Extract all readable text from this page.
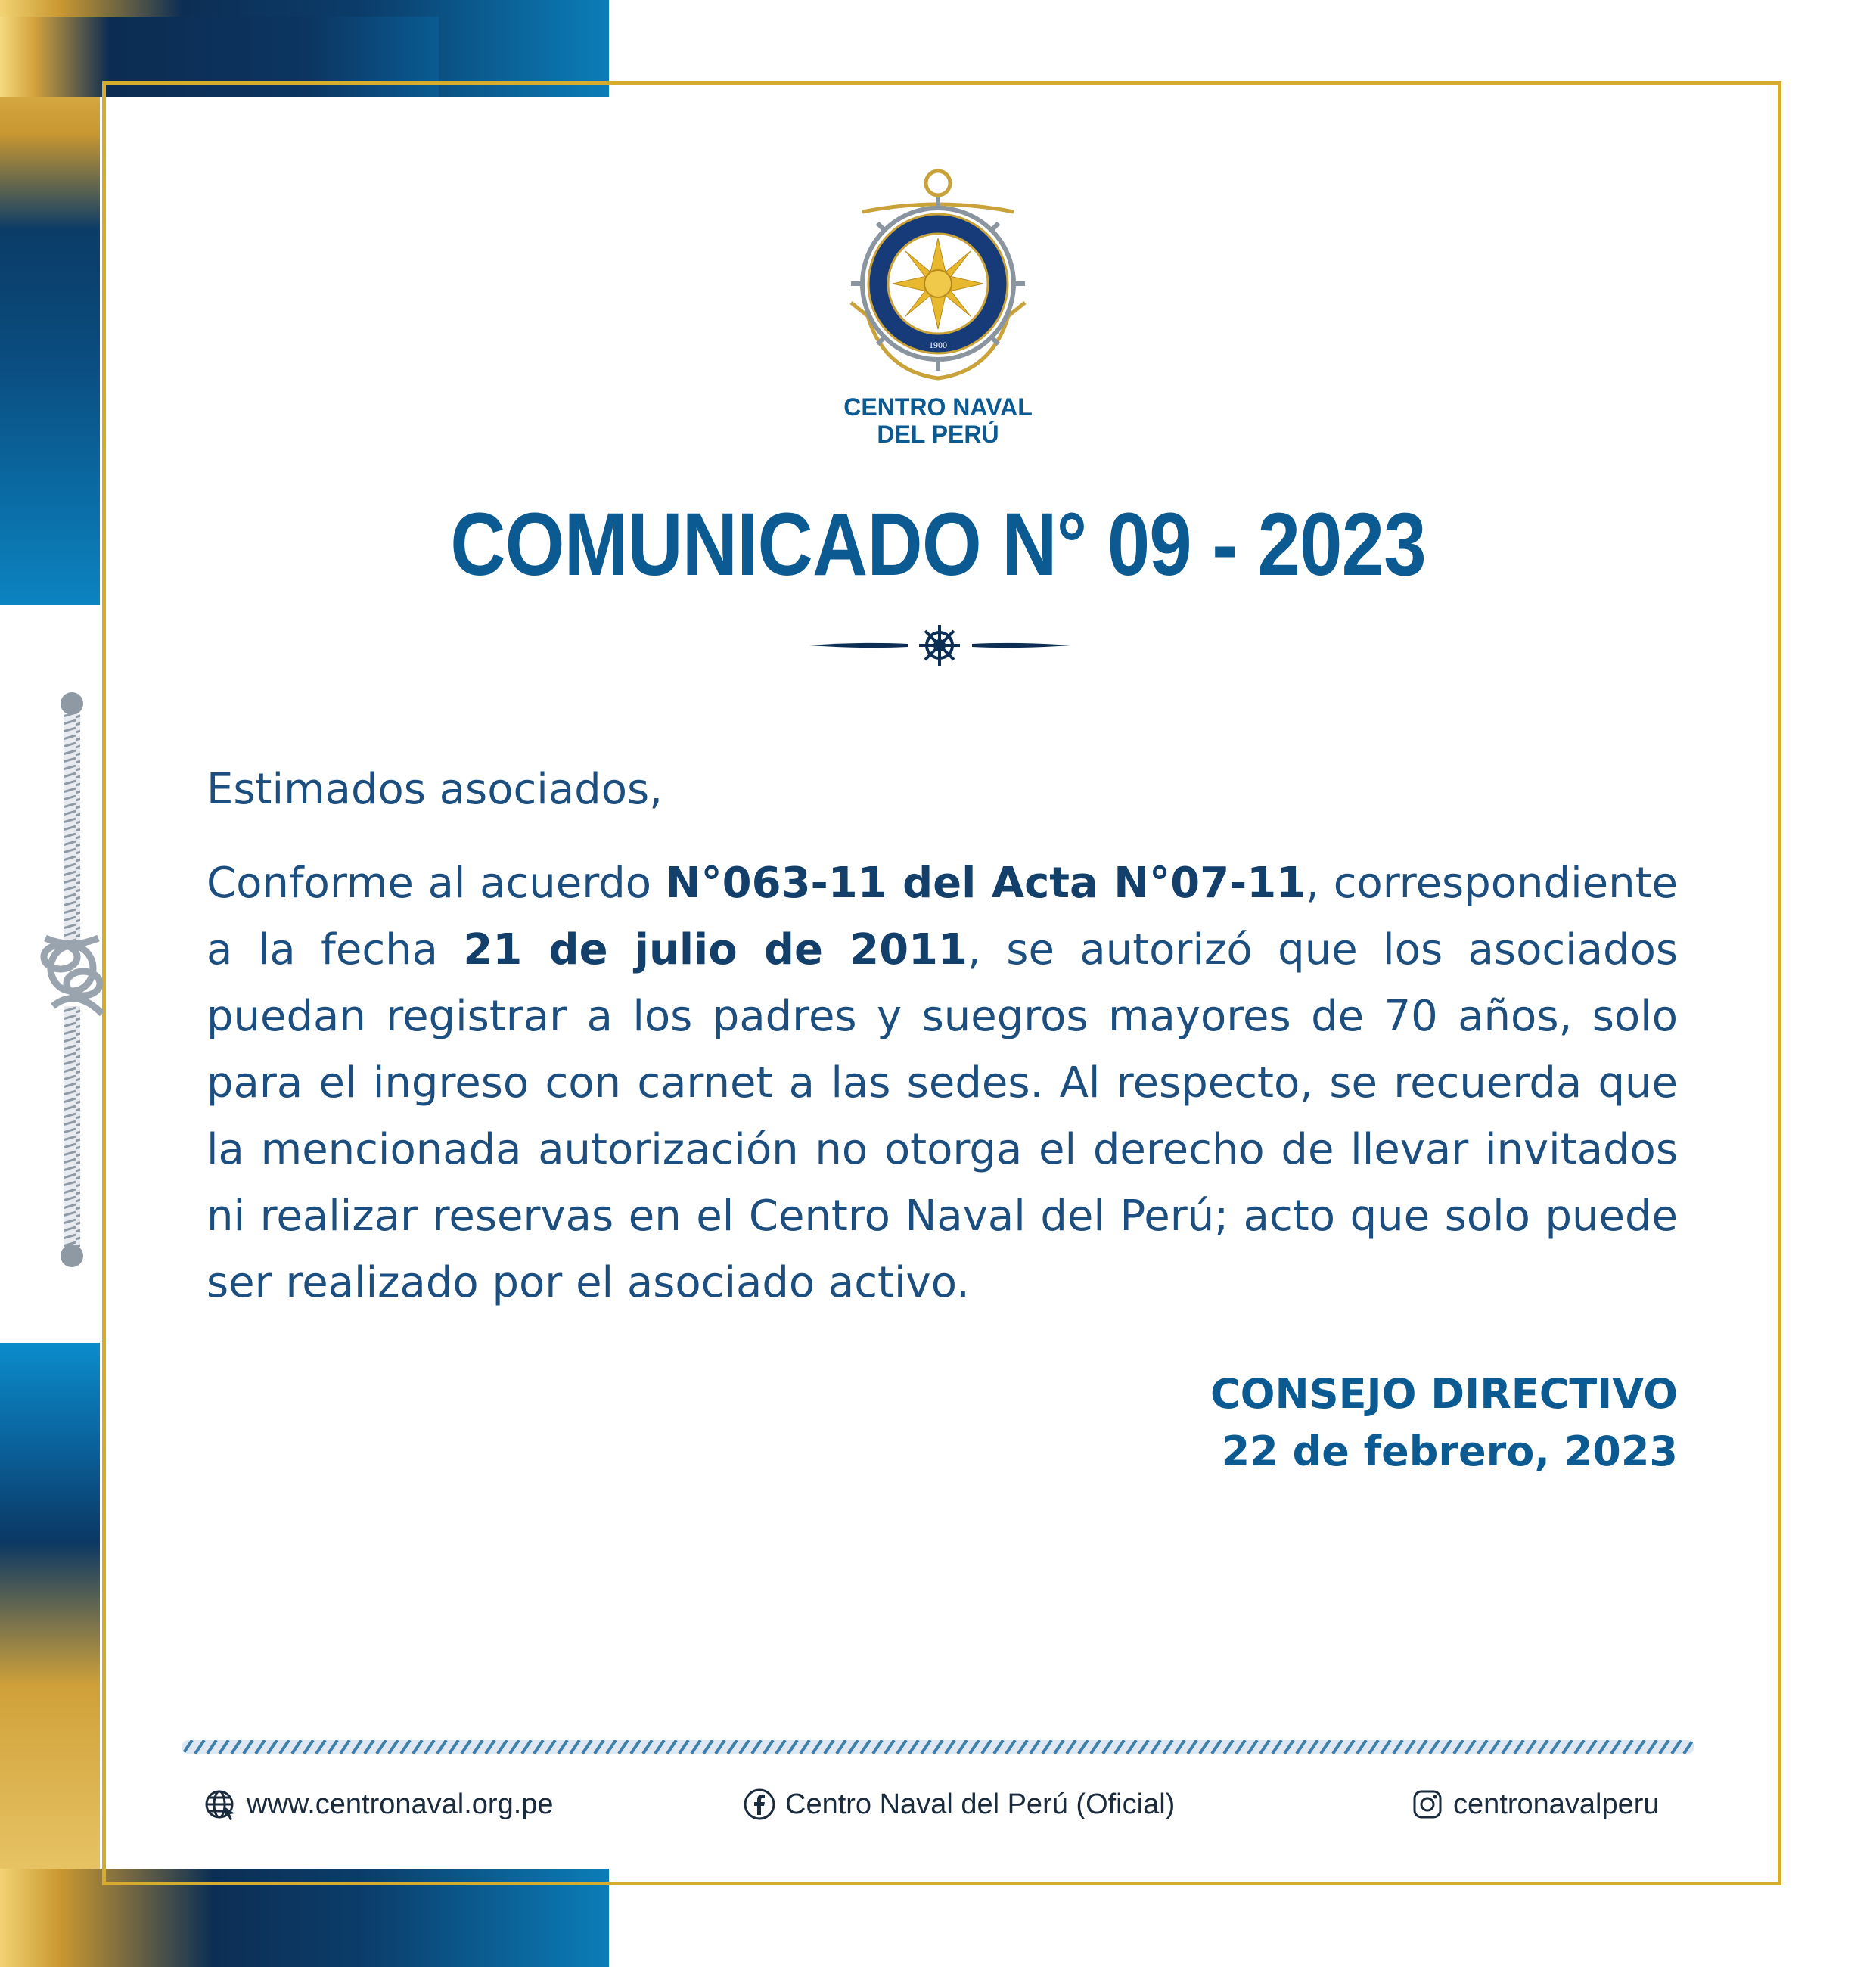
1900
CENTRO NAVAL
DEL PERÚ
COMUNICADO N° 09 - 2023

Estimados asociados,

Conforme al acuerdo N°063-11 del Acta N°07-11, correspondiente a la fecha 21 de julio de 2011, se autorizó que los asociados puedan registrar a los padres y suegros mayores de 70 años, solo para el ingreso con carnet a las sedes. Al respecto, se recuerda que la mencionada autorización no otorga el derecho de llevar invitados ni realizar reservas en el Centro Naval del Perú; acto que solo puede ser realizado por el asociado activo.

CONSEJO DIRECTIVO
22 de febrero, 2023
www.centronaval.org.pe	Centro Naval del Perú (Oficial)	centronavalperu
